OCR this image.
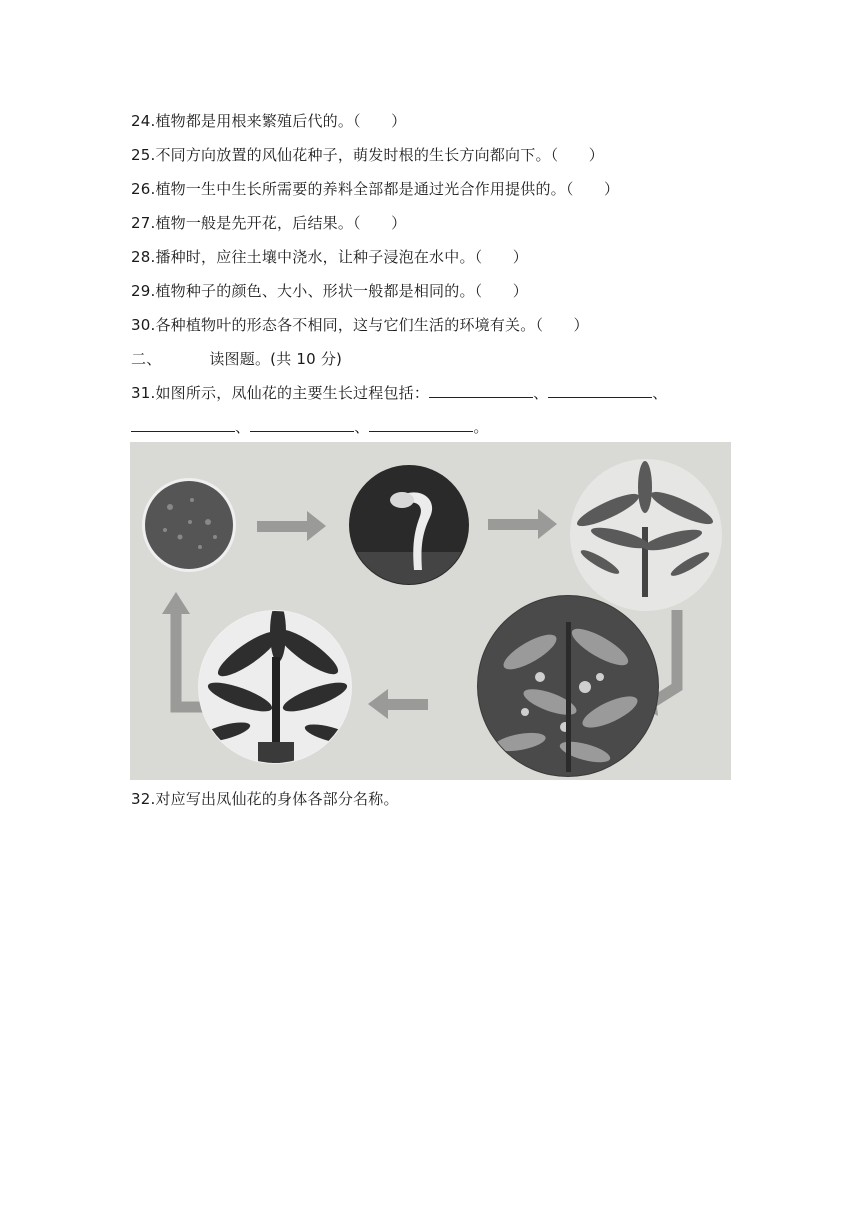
24.植物都是用根来繁殖后代的。（　　）
25.不同方向放置的风仙花种子，萌发时根的生长方向都向下。（　　）
26.植物一生中生长所需要的养料全部都是通过光合作用提供的。（　　）
27.植物一般是先开花，后结果。（　　）
28.播种时，应往土壤中浇水，让种子浸泡在水中。（　　）
29.植物种子的颜色、大小、形状一般都是相同的。（　　）
30.各种植物叶的形态各不相同，这与它们生活的环境有关。（　　）
二、	读图题。(共 10 分)
31.如图所示，凤仙花的主要生长过程包括：	、	、
、	、	。
32.对应写出凤仙花的身体各部分名称。
